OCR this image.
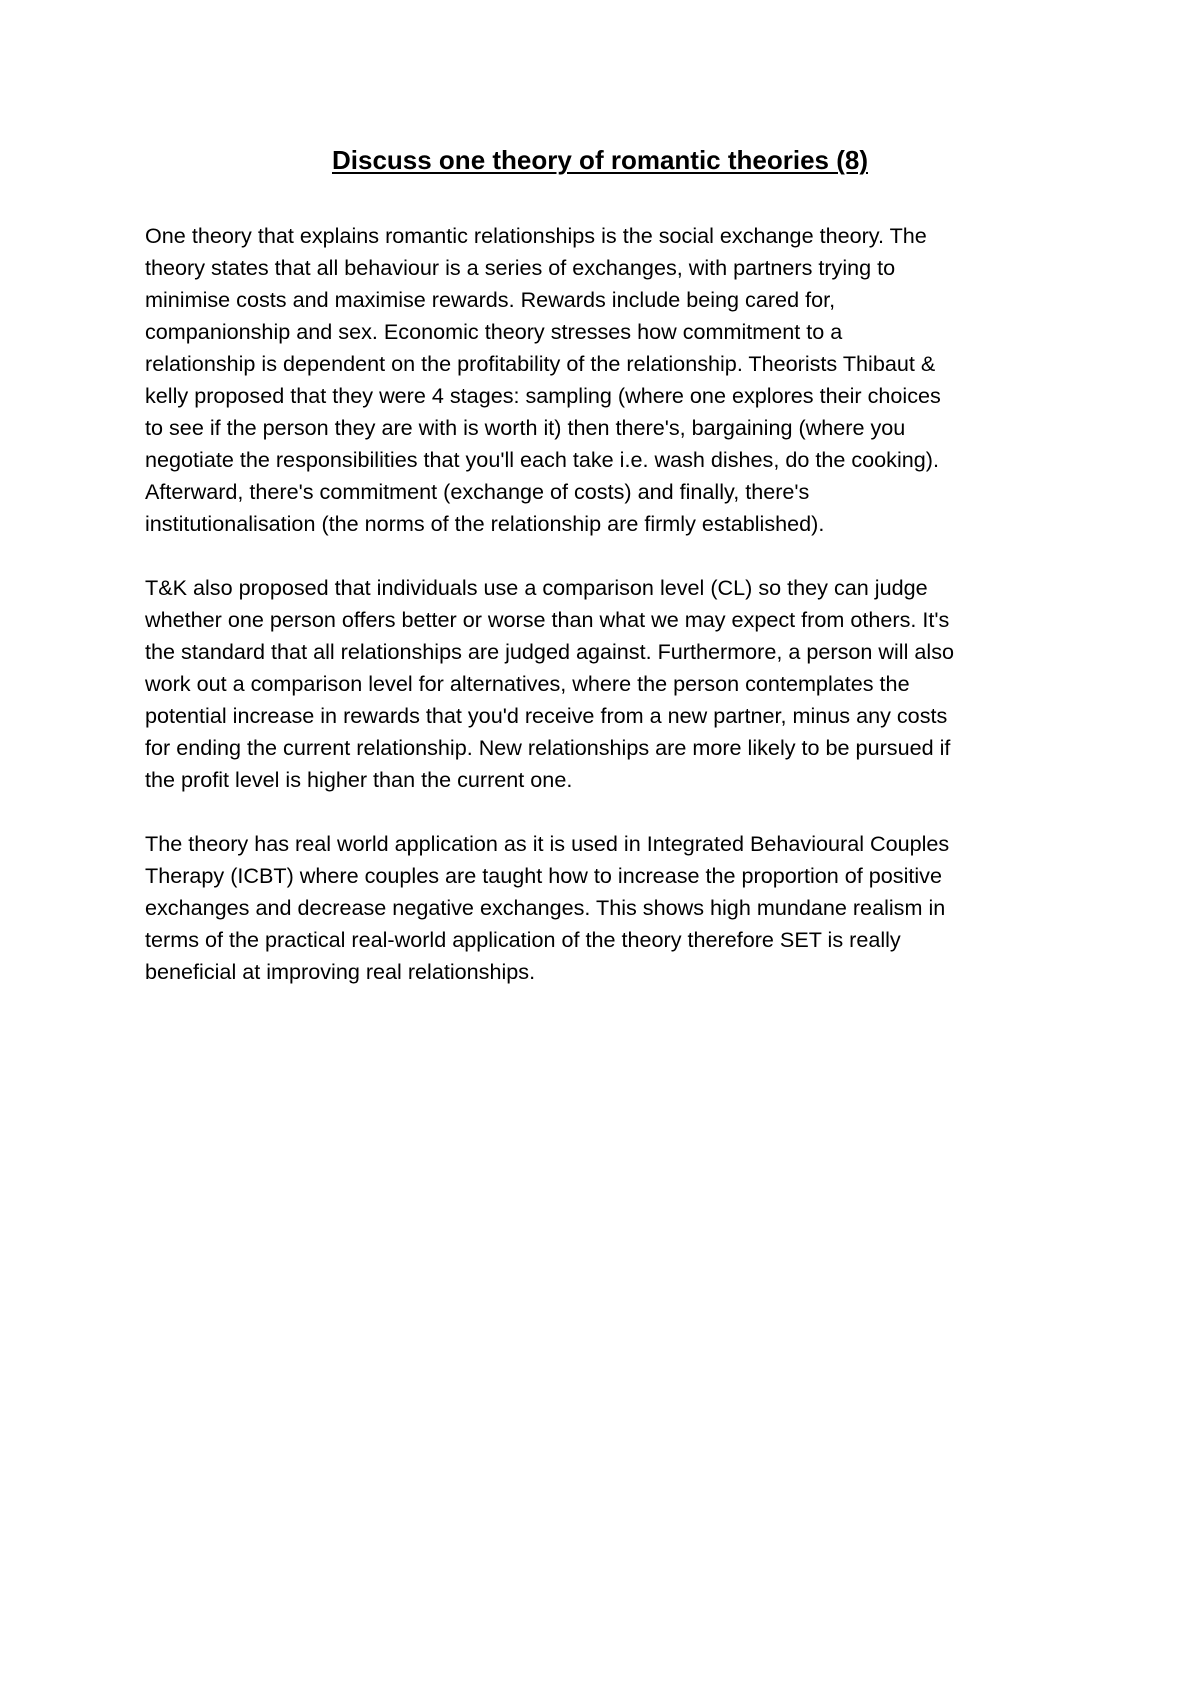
Discuss one theory of romantic theories (8)

One theory that explains romantic relationships is the social exchange theory. The
theory states that all behaviour is a series of exchanges, with partners trying to
minimise costs and maximise rewards. Rewards include being cared for,
companionship and sex. Economic theory stresses how commitment to a
relationship is dependent on the profitability of the relationship. Theorists Thibaut &
kelly proposed that they were 4 stages: sampling (where one explores their choices
to see if the person they are with is worth it) then there's, bargaining (where you
negotiate the responsibilities that you'll each take i.e. wash dishes, do the cooking).
Afterward, there's commitment (exchange of costs) and finally, there's
institutionalisation (the norms of the relationship are firmly established).

T&K also proposed that individuals use a comparison level (CL) so they can judge
whether one person offers better or worse than what we may expect from others. It's
the standard that all relationships are judged against. Furthermore, a person will also
work out a comparison level for alternatives, where the person contemplates the
potential increase in rewards that you'd receive from a new partner, minus any costs
for ending the current relationship. New relationships are more likely to be pursued if
the profit level is higher than the current one.

The theory has real world application as it is used in Integrated Behavioural Couples
Therapy (ICBT) where couples are taught how to increase the proportion of positive
exchanges and decrease negative exchanges. This shows high mundane realism in
terms of the practical real-world application of the theory therefore SET is really
beneficial at improving real relationships.
